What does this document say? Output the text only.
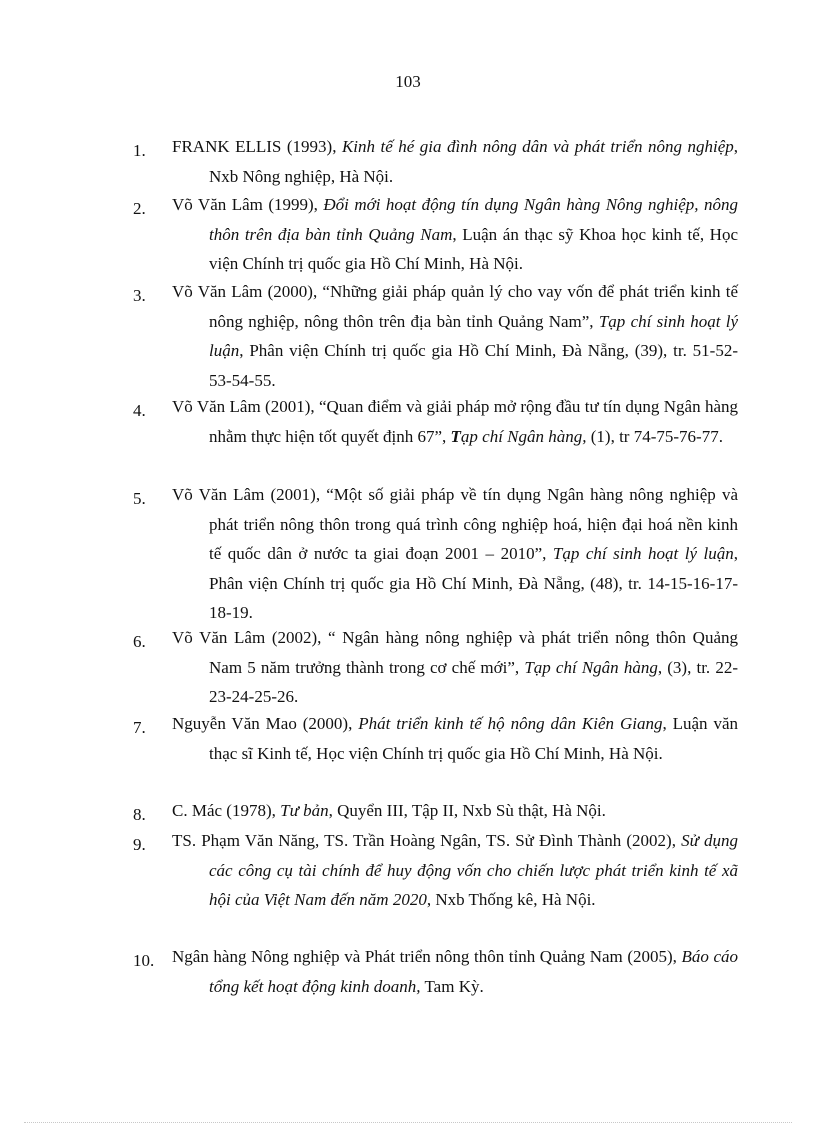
103
1.	FRANK ELLIS (1993), Kinh tế hé gia đình nông dân và phát triển nông nghiệp, Nxb Nông nghiệp, Hà Nội.
2.	Võ Văn Lâm (1999), Đổi mới hoạt động tín dụng Ngân hàng Nông nghiệp, nông thôn trên địa bàn tỉnh Quảng Nam, Luận án thạc sỹ Khoa học kinh tế, Học viện Chính trị quốc gia Hồ Chí Minh, Hà Nội.
3.	Võ Văn Lâm (2000), “Những giải pháp quản lý cho vay vốn để phát triển kinh tế nông nghiệp, nông thôn trên địa bàn tỉnh Quảng Nam”, Tạp chí sinh hoạt lý luận, Phân viện Chính trị quốc gia Hồ Chí Minh, Đà Nẵng, (39), tr. 51-52-53-54-55.
4.	Võ Văn Lâm (2001), “Quan điểm và giải pháp mở rộng đầu tư tín dụng Ngân hàng nhằm thực hiện tốt quyết định 67”, Tạp chí Ngân hàng, (1), tr 74-75-76-77.
5.	Võ Văn Lâm (2001), “Một số giải pháp về tín dụng Ngân hàng nông nghiệp và phát triển nông thôn trong quá trình công nghiệp hoá, hiện đại hoá nền kinh tế quốc dân ở nước ta giai đoạn 2001 – 2010”, Tạp chí sinh hoạt lý luận, Phân viện Chính trị quốc gia Hồ Chí Minh, Đà Nẵng, (48), tr. 14-15-16-17-18-19.
6.	Võ Văn Lâm (2002), “ Ngân hàng nông nghiệp và phát triển nông thôn Quảng Nam 5 năm trưởng thành trong cơ chế mới”, Tạp chí Ngân hàng, (3), tr. 22-23-24-25-26.
7.	Nguyễn Văn Mao (2000), Phát triển kinh tế hộ nông dân Kiên Giang, Luận văn thạc sĩ Kinh tế, Học viện Chính trị quốc gia Hồ Chí Minh, Hà Nội.
8.	C. Mác (1978), Tư bản, Quyển III, Tập II, Nxb Sù thật, Hà Nội.
9.	TS. Phạm Văn Năng, TS. Trần Hoàng Ngân, TS. Sử Đình Thành (2002), Sử dụng các công cụ tài chính để huy động vốn cho chiến lược phát triển kinh tế xã hội của Việt Nam đến năm 2020, Nxb Thống kê, Hà Nội.
10.	Ngân hàng Nông nghiệp và Phát triển nông thôn tỉnh Quảng Nam (2005), Báo cáo tổng kết hoạt động kinh doanh, Tam Kỳ.
